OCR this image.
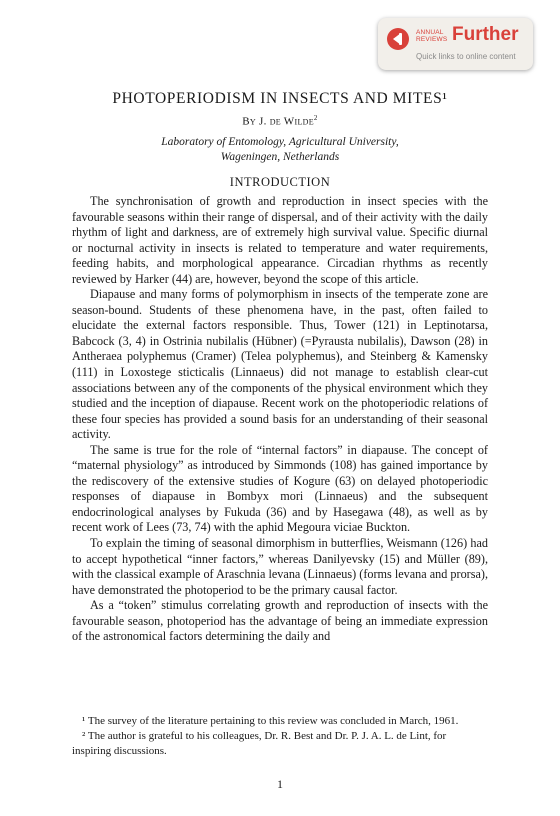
ANNUAL
REVIEWS Further
Quick links to online content
PHOTOPERIODISM IN INSECTS AND MITES¹
By J. de Wilde$^2$
Laboratory of Entomology, Agricultural University,
Wageningen, Netherlands
INTRODUCTION

The synchronisation of growth and reproduction in insect species with the favourable seasons within their range of dispersal, and of their activity with the daily rhythm of light and darkness, are of extremely high survival value. Specific diurnal or nocturnal activity in insects is related to temperature and water requirements, feeding habits, and morphological appearance. Circadian rhythms as recently reviewed by Harker (44) are, however, beyond the scope of this article.

Diapause and many forms of polymorphism in insects of the temperate zone are season-bound. Students of these phenomena have, in the past, often failed to elucidate the external factors responsible. Thus, Tower (121) in Leptinotarsa, Babcock (3, 4) in Ostrinia nubilalis (Hübner) (=Pyrausta nubilalis), Dawson (28) in Antheraea polyphemus (Cramer) (Telea polyphemus), and Steinberg & Kamensky (111) in Loxostege sticticalis (Linnaeus) did not manage to establish clear-cut associations between any of the components of the physical environment which they studied and the inception of diapause. Recent work on the photoperiodic relations of these four species has provided a sound basis for an understanding of their seasonal activity.

The same is true for the role of “internal factors” in diapause. The concept of “maternal physiology” as introduced by Simmonds (108) has gained importance by the rediscovery of the extensive studies of Kogure (63) on delayed photoperiodic responses of diapause in Bombyx mori (Linnaeus) and the subsequent endocrinological analyses by Fukuda (36) and by Hasegawa (48), as well as by recent work of Lees (73, 74) with the aphid Megoura viciae Buckton.

To explain the timing of seasonal dimorphism in butterflies, Weismann (126) had to accept hypothetical “inner factors,” whereas Danilyevsky (15) and Müller (89), with the classical example of Araschnia levana (Linnaeus) (forms levana and prorsa), have demonstrated the photoperiod to be the primary causal factor.

As a “token” stimulus correlating growth and reproduction of insects with the favourable season, photoperiod has the advantage of being an immediate expression of the astronomical factors determining the daily and

¹ The survey of the literature pertaining to this review was concluded in March, 1961.

² The author is grateful to his colleagues, Dr. R. Best and Dr. P. J. A. L. de Lint, for inspiring discussions.

1
